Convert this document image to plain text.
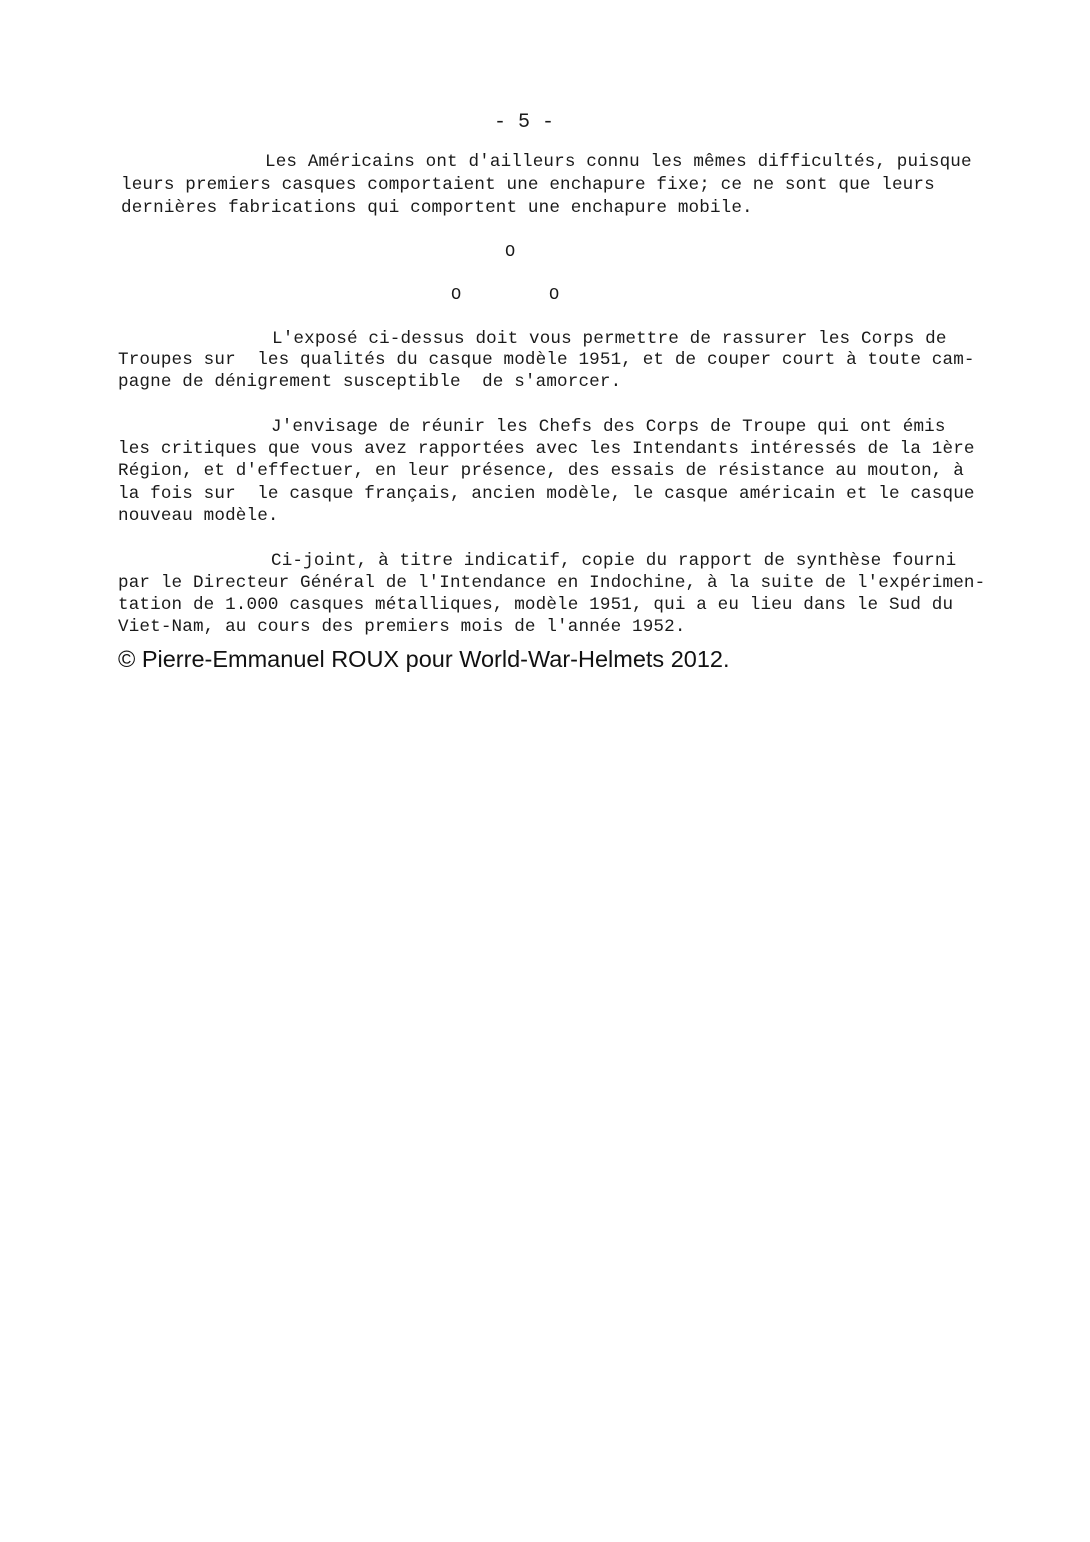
- 5 -
Les Américains ont d'ailleurs connu les mêmes difficultés, puisque
leurs premiers casques comportaient une enchapure fixe; ce ne sont que leurs
dernières fabrications qui comportent une enchapure mobile.
O
O	O
L'exposé ci-dessus doit vous permettre de rassurer les Corps de
Troupes sur  les qualités du casque modèle 1951, et de couper court à toute cam-
pagne de dénigrement susceptible  de s'amorcer.
J'envisage de réunir les Chefs des Corps de Troupe qui ont émis
les critiques que vous avez rapportées avec les Intendants intéressés de la 1ère
Région, et d'effectuer, en leur présence, des essais de résistance au mouton, à
la fois sur  le casque français, ancien modèle, le casque américain et le casque
nouveau modèle.
Ci-joint, à titre indicatif, copie du rapport de synthèse fourni
par le Directeur Général de l'Intendance en Indochine, à la suite de l'expérimen-
tation de 1.000 casques métalliques, modèle 1951, qui a eu lieu dans le Sud du
Viet-Nam, au cours des premiers mois de l'année 1952.
© Pierre-Emmanuel ROUX pour World-War-Helmets 2012.
